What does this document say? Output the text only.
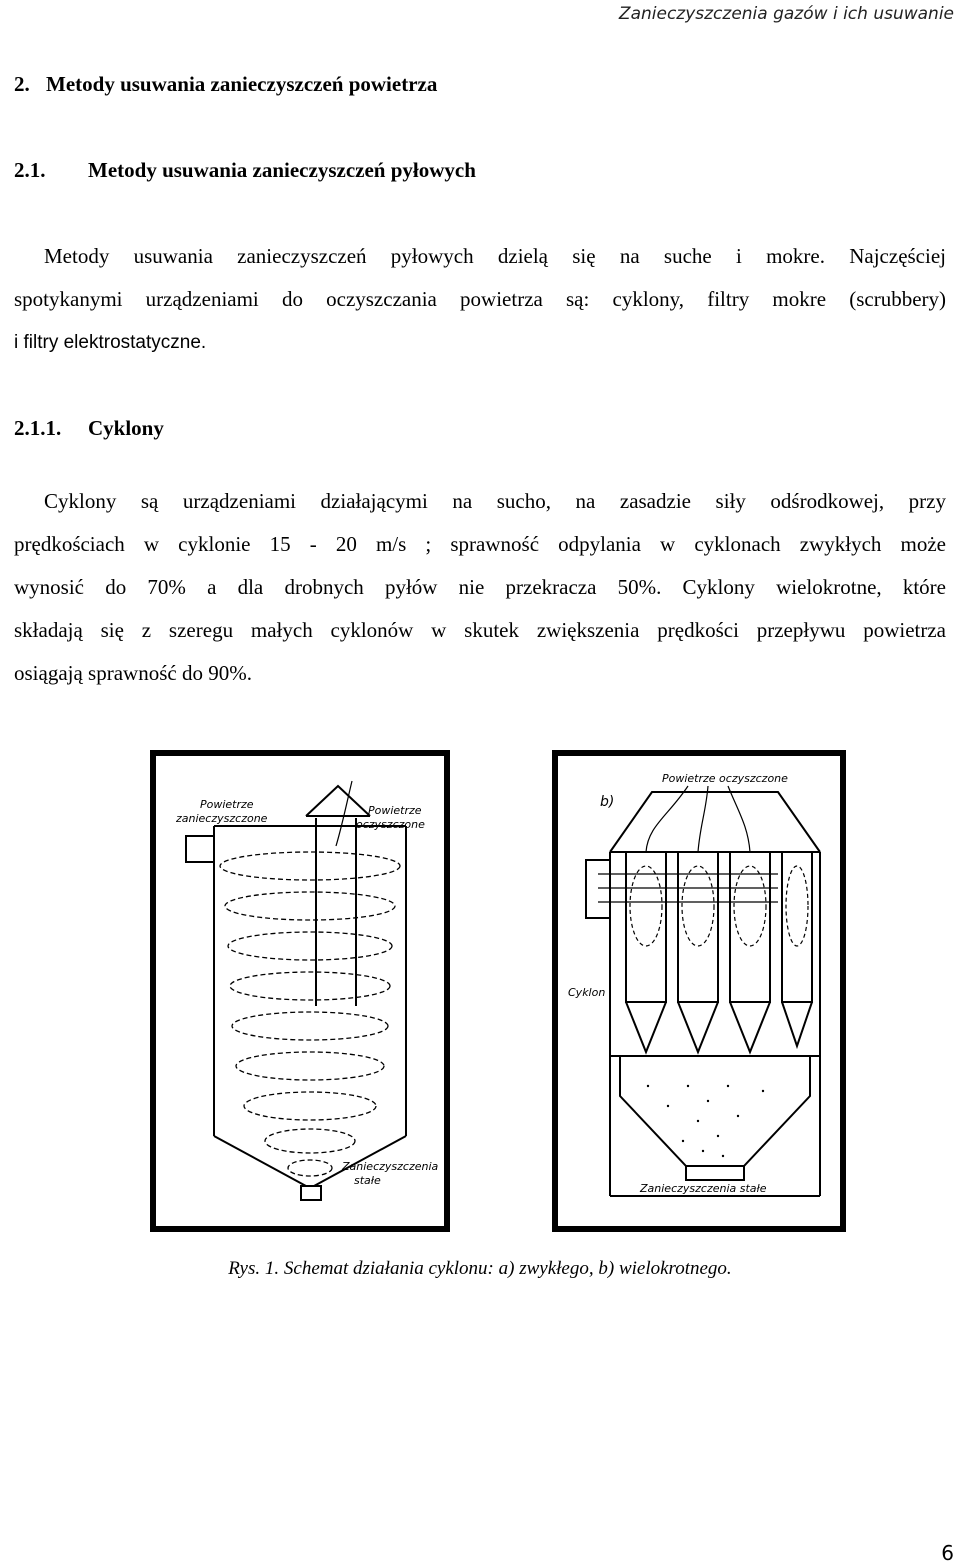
Zanieczyszczenia gazów i ich usuwanie
2. Metody usuwania zanieczyszczeń powietrza
2.1. Metody usuwania zanieczyszczeń pyłowych
Metody usuwania zanieczyszczeń pyłowych dzielą się na suche i mokre. Najczęściej
spotykanymi urządzeniami do oczyszczania powietrza są: cyklony, filtry mokre (scrubbery)
i filtry elektrostatyczne.
2.1.1. Cyklony
Cyklony są urządzeniami działającymi na sucho, na zasadzie siły odśrodkowej, przy
prędkościach w cyklonie 15 - 20 m/s ; sprawność odpylania w cyklonach zwykłych może
wynosić do 70% a dla drobnych pyłów nie przekracza 50%. Cyklony wielokrotne, które
składają się z szeregu małych cyklonów w skutek zwiększenia prędkości przepływu powietrza
osiągają sprawność do 90%.
Powietrze
zanieczyszczone
Powietrze
oczyszczone
Zanieczyszczenia
stałe
Powietrze oczyszczone
b)
Cyklon
Zanieczyszczenia stałe
Rys. 1. Schemat działania cyklonu: a) zwykłego, b) wielokrotnego.
6
